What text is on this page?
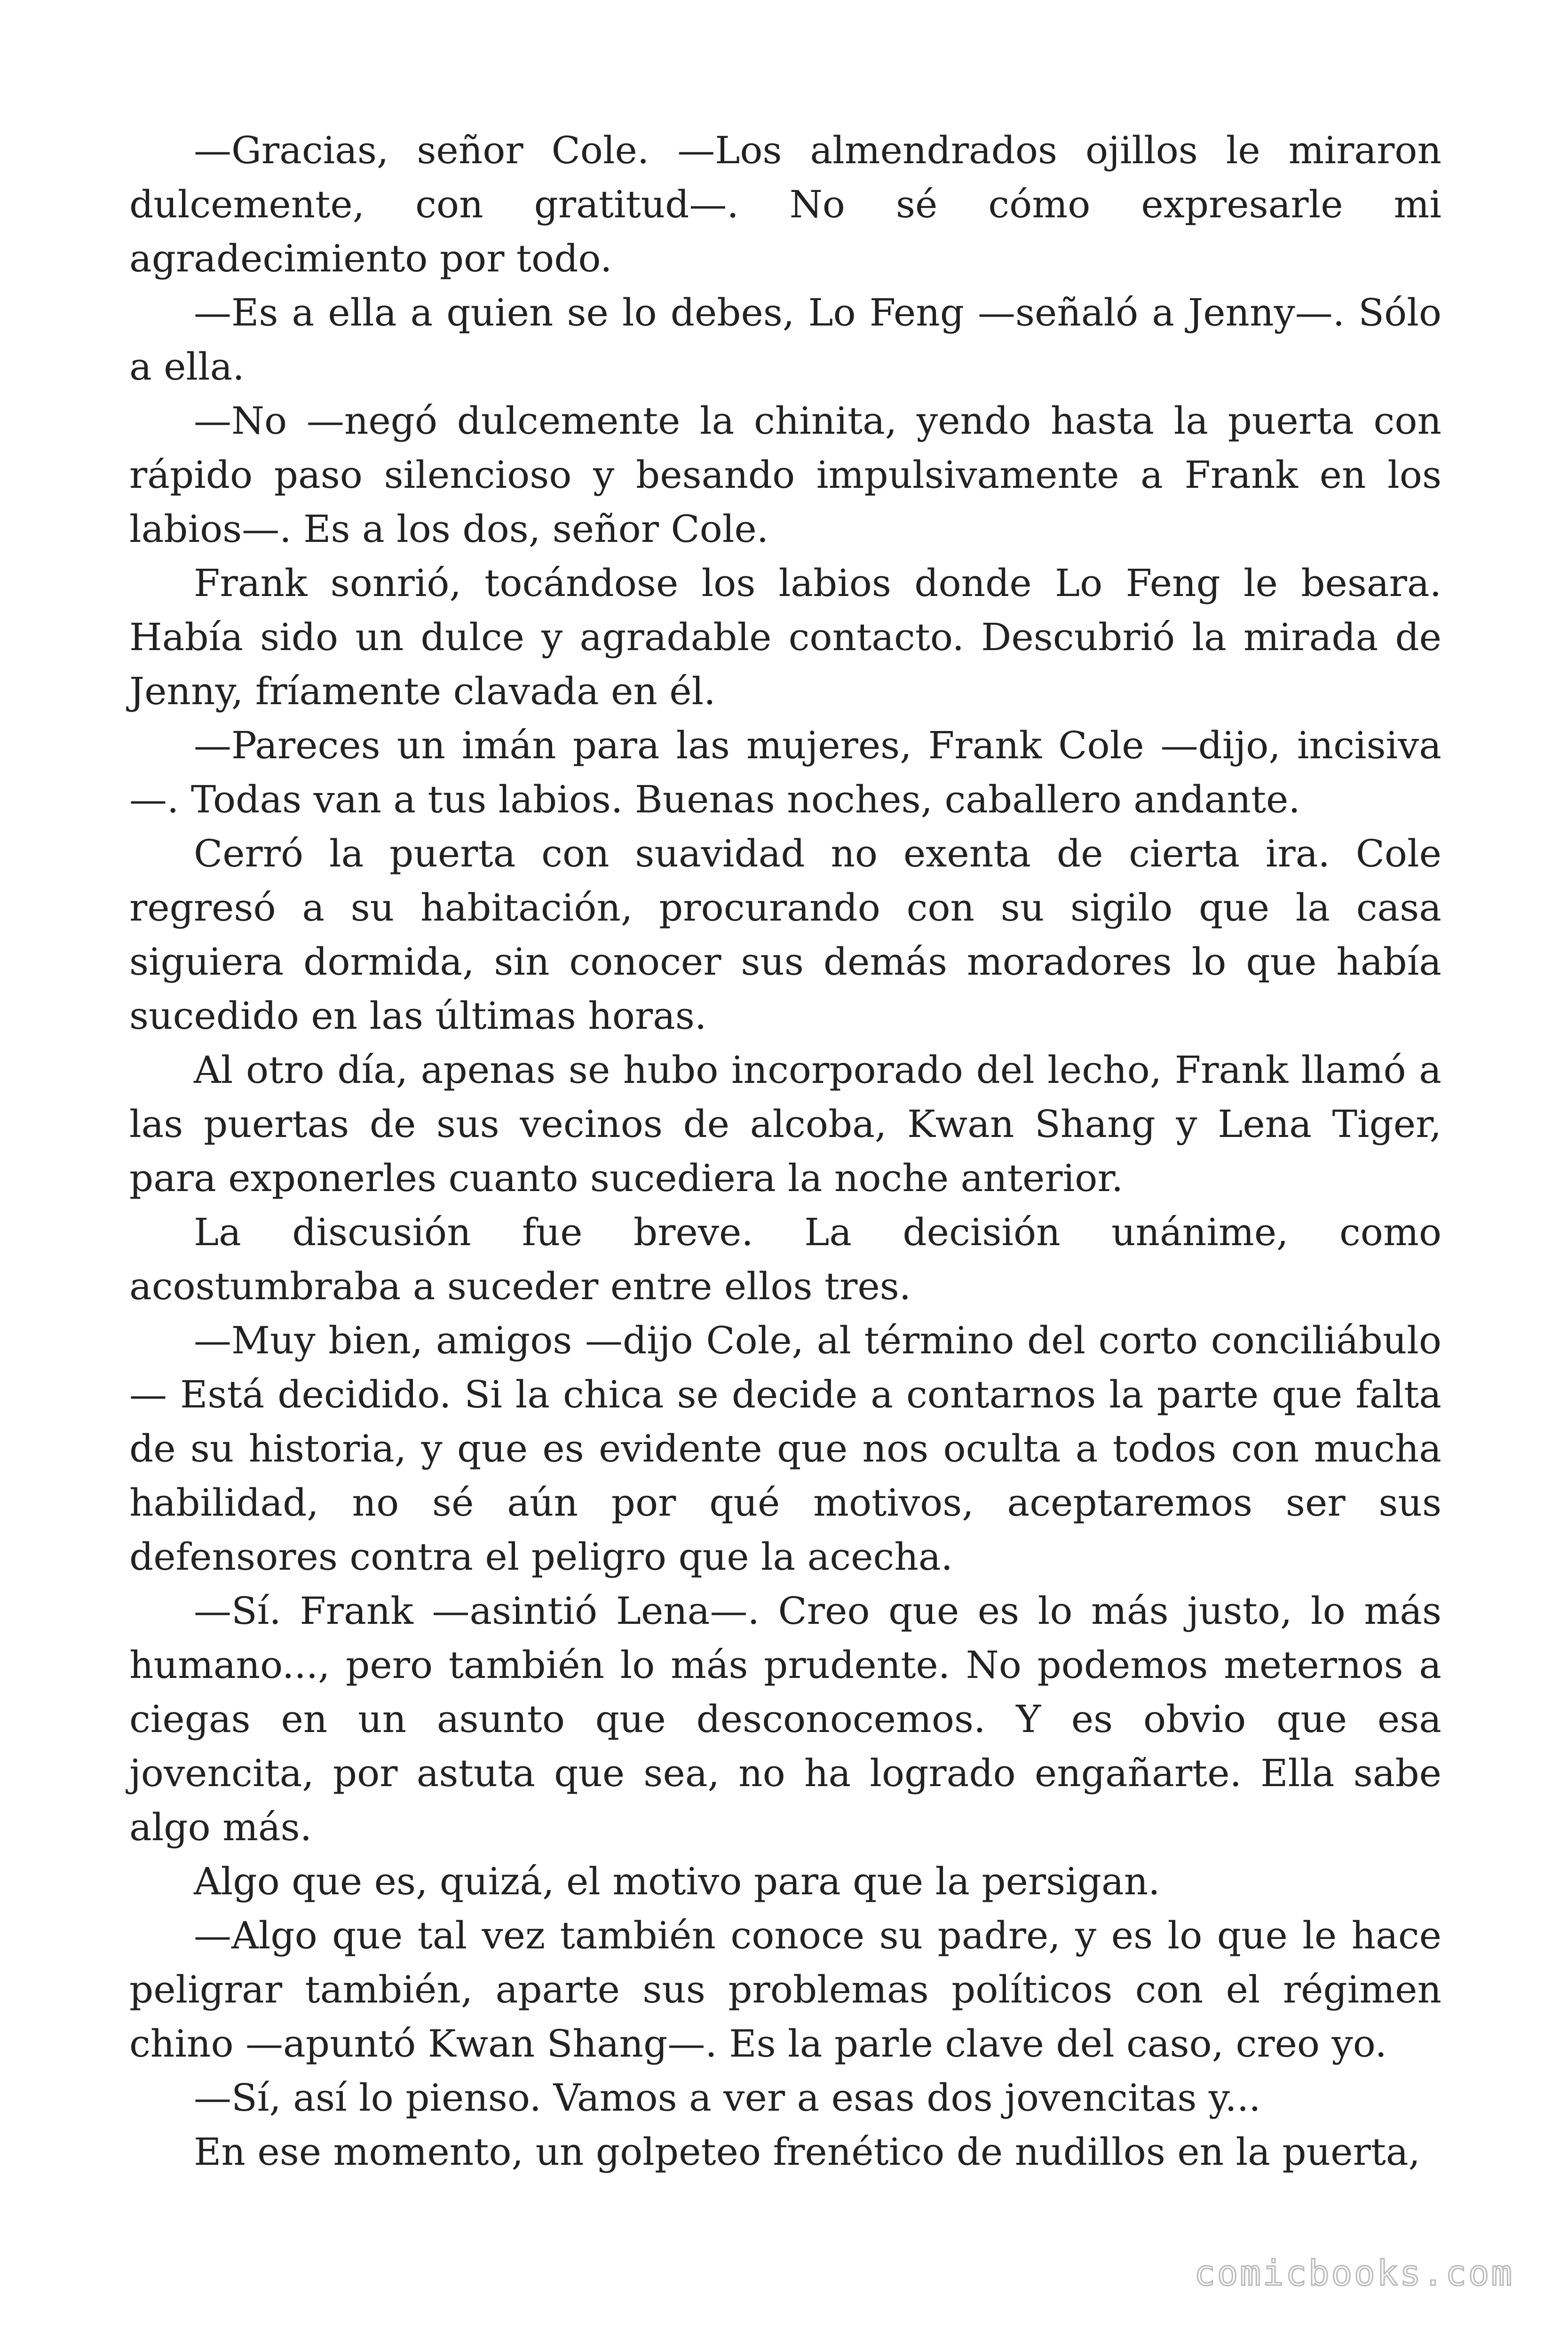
—Gracias, señor Cole. —Los almendrados ojillos le miraron dulcemente, con gratitud—. No sé cómo expresarle mi agradecimiento por todo.

—Es a ella a quien se lo debes, Lo Feng —señaló a Jenny—. Sólo a ella.

—No —negó dulcemente la chinita, yendo hasta la puerta con rápido paso silencioso y besando impulsivamente a Frank en los labios—. Es a los dos, señor Cole.

Frank sonrió, tocándose los labios donde Lo Feng le besara. Había sido un dulce y agradable contacto. Descubrió la mirada de Jenny, fríamente clavada en él.

—Pareces un imán para las mujeres, Frank Cole —dijo, incisiva —. Todas van a tus labios. Buenas noches, caballero andante.

Cerró la puerta con suavidad no exenta de cierta ira. Cole regresó a su habitación, procurando con su sigilo que la casa siguiera dormida, sin conocer sus demás moradores lo que había sucedido en las últimas horas.

Al otro día, apenas se hubo incorporado del lecho, Frank llamó a las puertas de sus vecinos de alcoba, Kwan Shang y Lena Tiger, para exponerles cuanto sucediera la noche anterior.

La discusión fue breve. La decisión unánime, como acostumbraba a suceder entre ellos tres.

—Muy bien, amigos —dijo Cole, al término del corto conciliábulo— Está decidido. Si la chica se decide a contarnos la parte que falta de su historia, y que es evidente que nos oculta a todos con mucha habilidad, no sé aún por qué motivos, aceptaremos ser sus defensores contra el peligro que la acecha.

—Sí. Frank —asintió Lena—. Creo que es lo más justo, lo más humano..., pero también lo más prudente. No podemos meternos a ciegas en un asunto que desconocemos. Y es obvio que esa jovencita, por astuta que sea, no ha logrado engañarte. Ella sabe algo más.

Algo que es, quizá, el motivo para que la persigan.

—Algo que tal vez también conoce su padre, y es lo que le hace peligrar también, aparte sus problemas políticos con el régimen chino —apuntó Kwan Shang—. Es la parle clave del caso, creo yo.

—Sí, así lo pienso. Vamos a ver a esas dos jovencitas y...

En ese momento, un golpeteo frenético de nudillos en la puerta,

comicbooks.com
